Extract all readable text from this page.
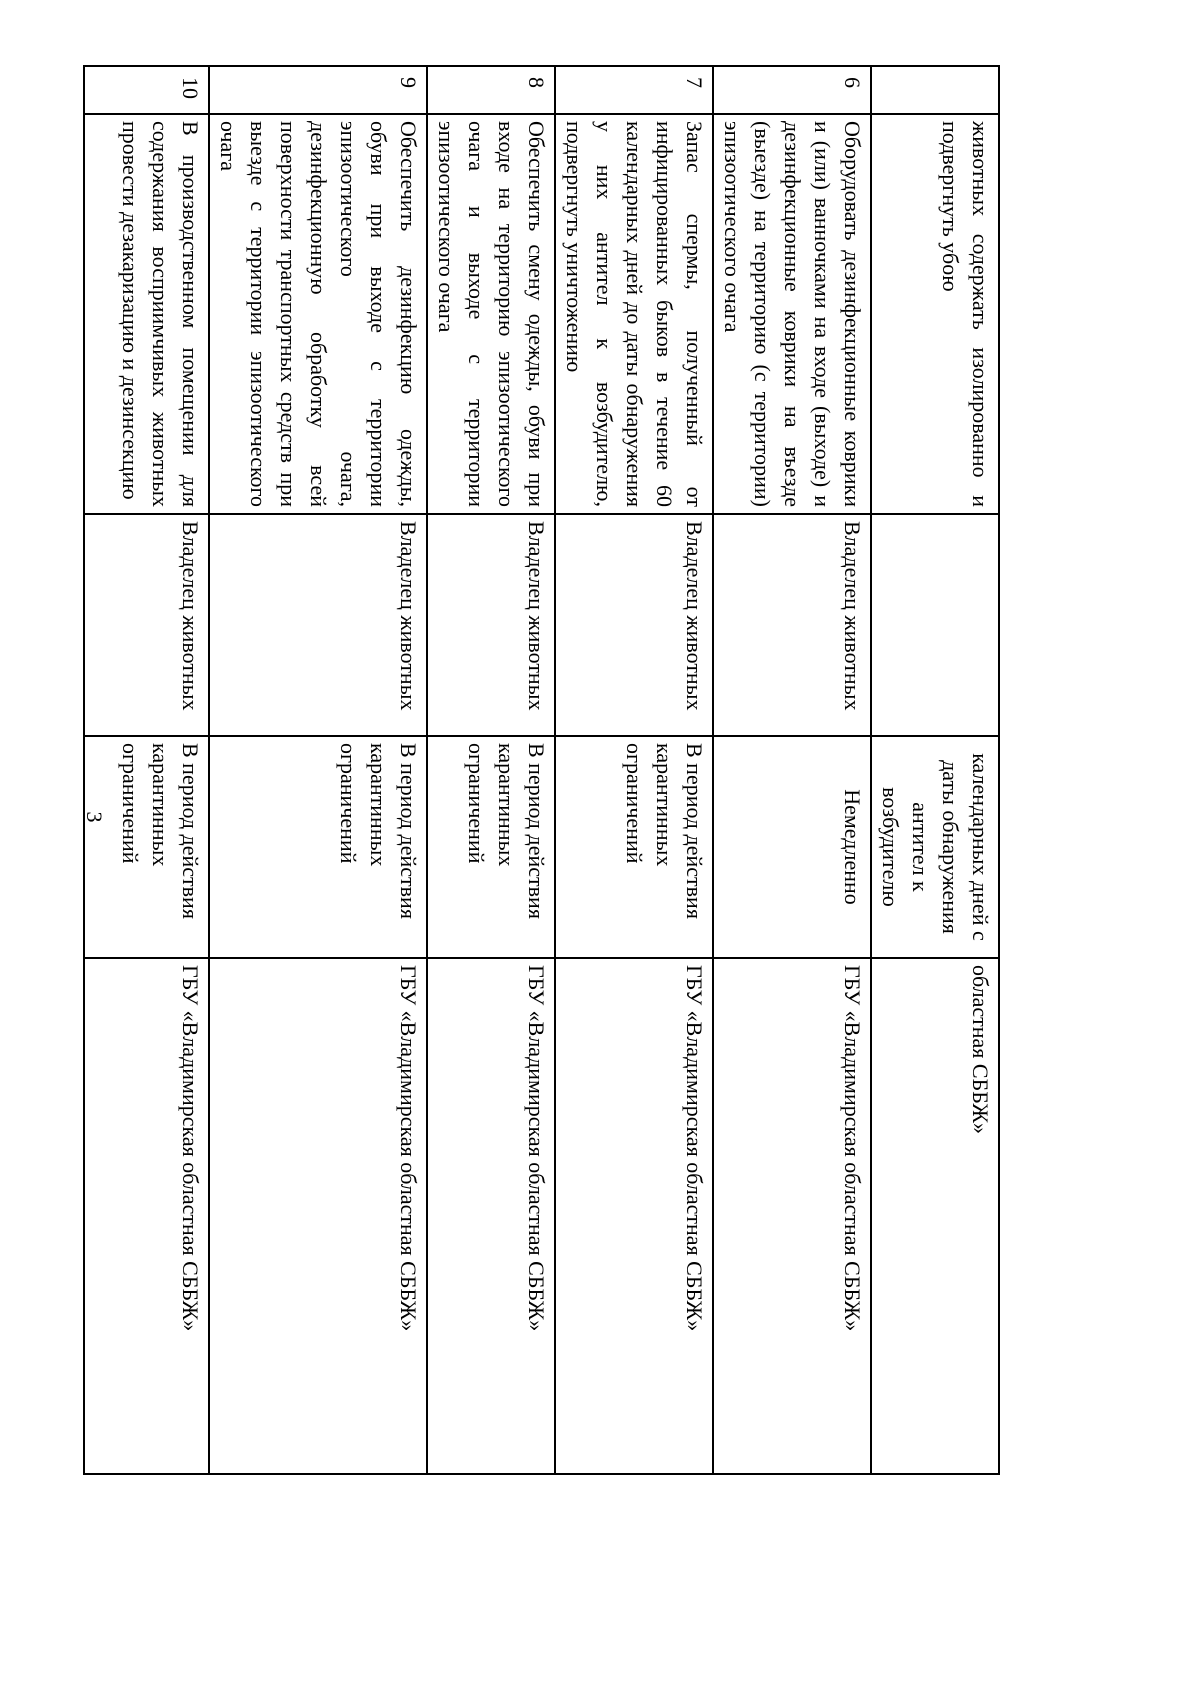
3
	животных содержать изолированно и подвергнуть убою		календарных дней с даты обнаружения антител к возбудителю	областная СББЖ»
6	Оборудовать дезинфекционные коврики и (или) ванночками на входе (выходе) и дезинфекционные коврики на въезде (выезде) на территорию (с территории) эпизоотического очага	Владелец животных	Немедленно	ГБУ «Владимирская областная СББЖ»
7	Запас спермы, полученный от инфицированных быков в течение 60 календарных дней до даты обнаружения у них антител к возбудителю, подвергнуть уничтожению	Владелец животных	В период действия карантинных ограничений	ГБУ «Владимирская областная СББЖ»
8	Обеспечить смену одежды, обуви при входе на территорию эпизоотического очага и выходе с территории эпизоотического очага	Владелец животных	В период действия карантинных ограничений	ГБУ «Владимирская областная СББЖ»
9	Обеспечить дезинфекцию одежды, обуви при выходе с территории эпизоотического очага, дезинфекционную обработку всей поверхности транспортных средств при выезде с территории эпизоотического очага	Владелец животных	В период действия карантинных ограничений	ГБУ «Владимирская областная СББЖ»
10	В производственном помещении для содержания восприимчивых животных провести дезакаризацию и дезинсекцию	Владелец животных	В период действия карантинных ограничений	ГБУ «Владимирская областная СББЖ»
